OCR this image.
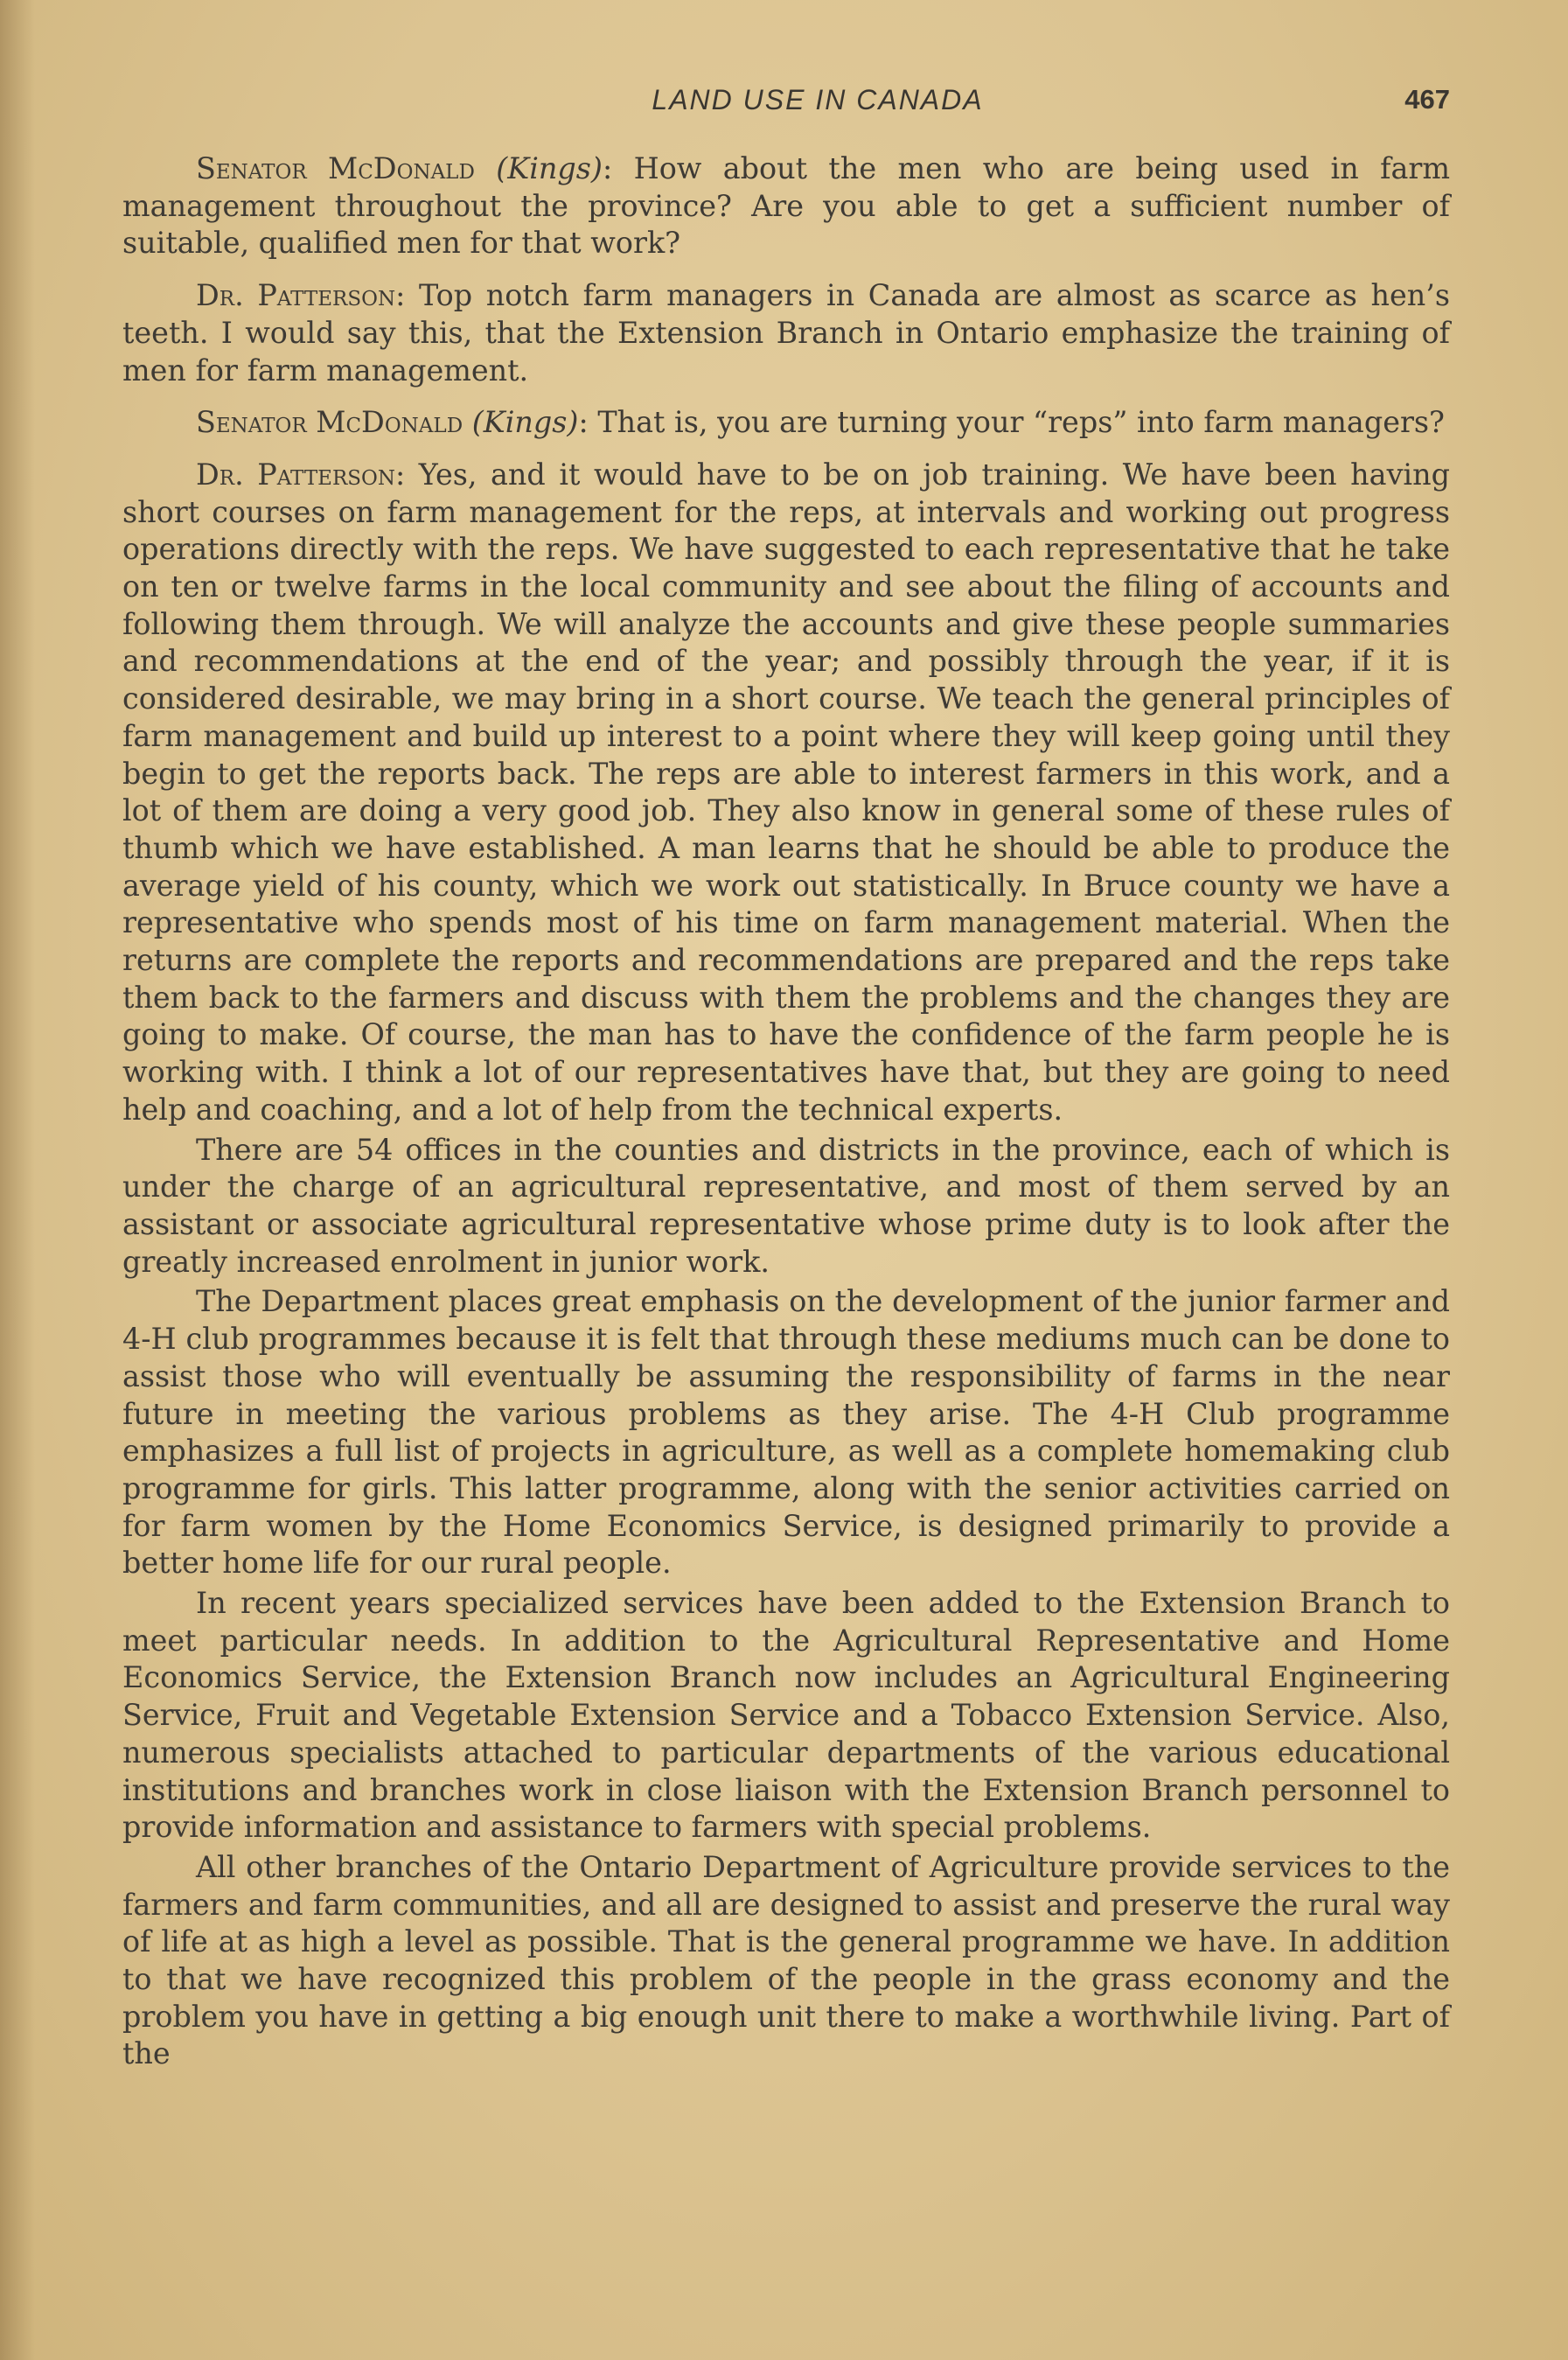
LAND USE IN CANADA	467

Senator McDonald (Kings): How about the men who are being used in farm management throughout the province? Are you able to get a sufficient number of suitable, qualified men for that work?

Dr. Patterson: Top notch farm managers in Canada are almost as scarce as hen’s teeth. I would say this, that the Extension Branch in Ontario emphasize the training of men for farm management.

Senator McDonald (Kings): That is, you are turning your “reps” into farm managers?

Dr. Patterson: Yes, and it would have to be on job training. We have been having short courses on farm management for the reps, at intervals and working out progress operations directly with the reps. We have suggested to each representative that he take on ten or twelve farms in the local community and see about the filing of accounts and following them through. We will analyze the accounts and give these people summaries and recommendations at the end of the year; and possibly through the year, if it is considered desirable, we may bring in a short course. We teach the general principles of farm management and build up interest to a point where they will keep going until they begin to get the reports back. The reps are able to interest farmers in this work, and a lot of them are doing a very good job. They also know in general some of these rules of thumb which we have established. A man learns that he should be able to produce the average yield of his county, which we work out statistically. In Bruce county we have a representative who spends most of his time on farm management material. When the returns are complete the reports and recommendations are prepared and the reps take them back to the farmers and discuss with them the problems and the changes they are going to make. Of course, the man has to have the confidence of the farm people he is working with. I think a lot of our representatives have that, but they are going to need help and coaching, and a lot of help from the technical experts.

There are 54 offices in the counties and districts in the province, each of which is under the charge of an agricultural representative, and most of them served by an assistant or associate agricultural representative whose prime duty is to look after the greatly increased enrolment in junior work.

The Department places great emphasis on the development of the junior farmer and 4-H club programmes because it is felt that through these mediums much can be done to assist those who will eventually be assuming the responsibility of farms in the near future in meeting the various problems as they arise. The 4-H Club programme emphasizes a full list of projects in agriculture, as well as a complete homemaking club programme for girls. This latter programme, along with the senior activities carried on for farm women by the Home Economics Service, is designed primarily to provide a better home life for our rural people.

In recent years specialized services have been added to the Extension Branch to meet particular needs. In addition to the Agricultural Representative and Home Economics Service, the Extension Branch now includes an Agricultural Engineering Service, Fruit and Vegetable Extension Service and a Tobacco Extension Service. Also, numerous specialists attached to particular departments of the various educational institutions and branches work in close liaison with the Extension Branch personnel to provide information and assistance to farmers with special problems.

All other branches of the Ontario Department of Agriculture provide services to the farmers and farm communities, and all are designed to assist and preserve the rural way of life at as high a level as possible. That is the general programme we have. In addition to that we have recognized this problem of the people in the grass economy and the problem you have in getting a big enough unit there to make a worthwhile living. Part of the
